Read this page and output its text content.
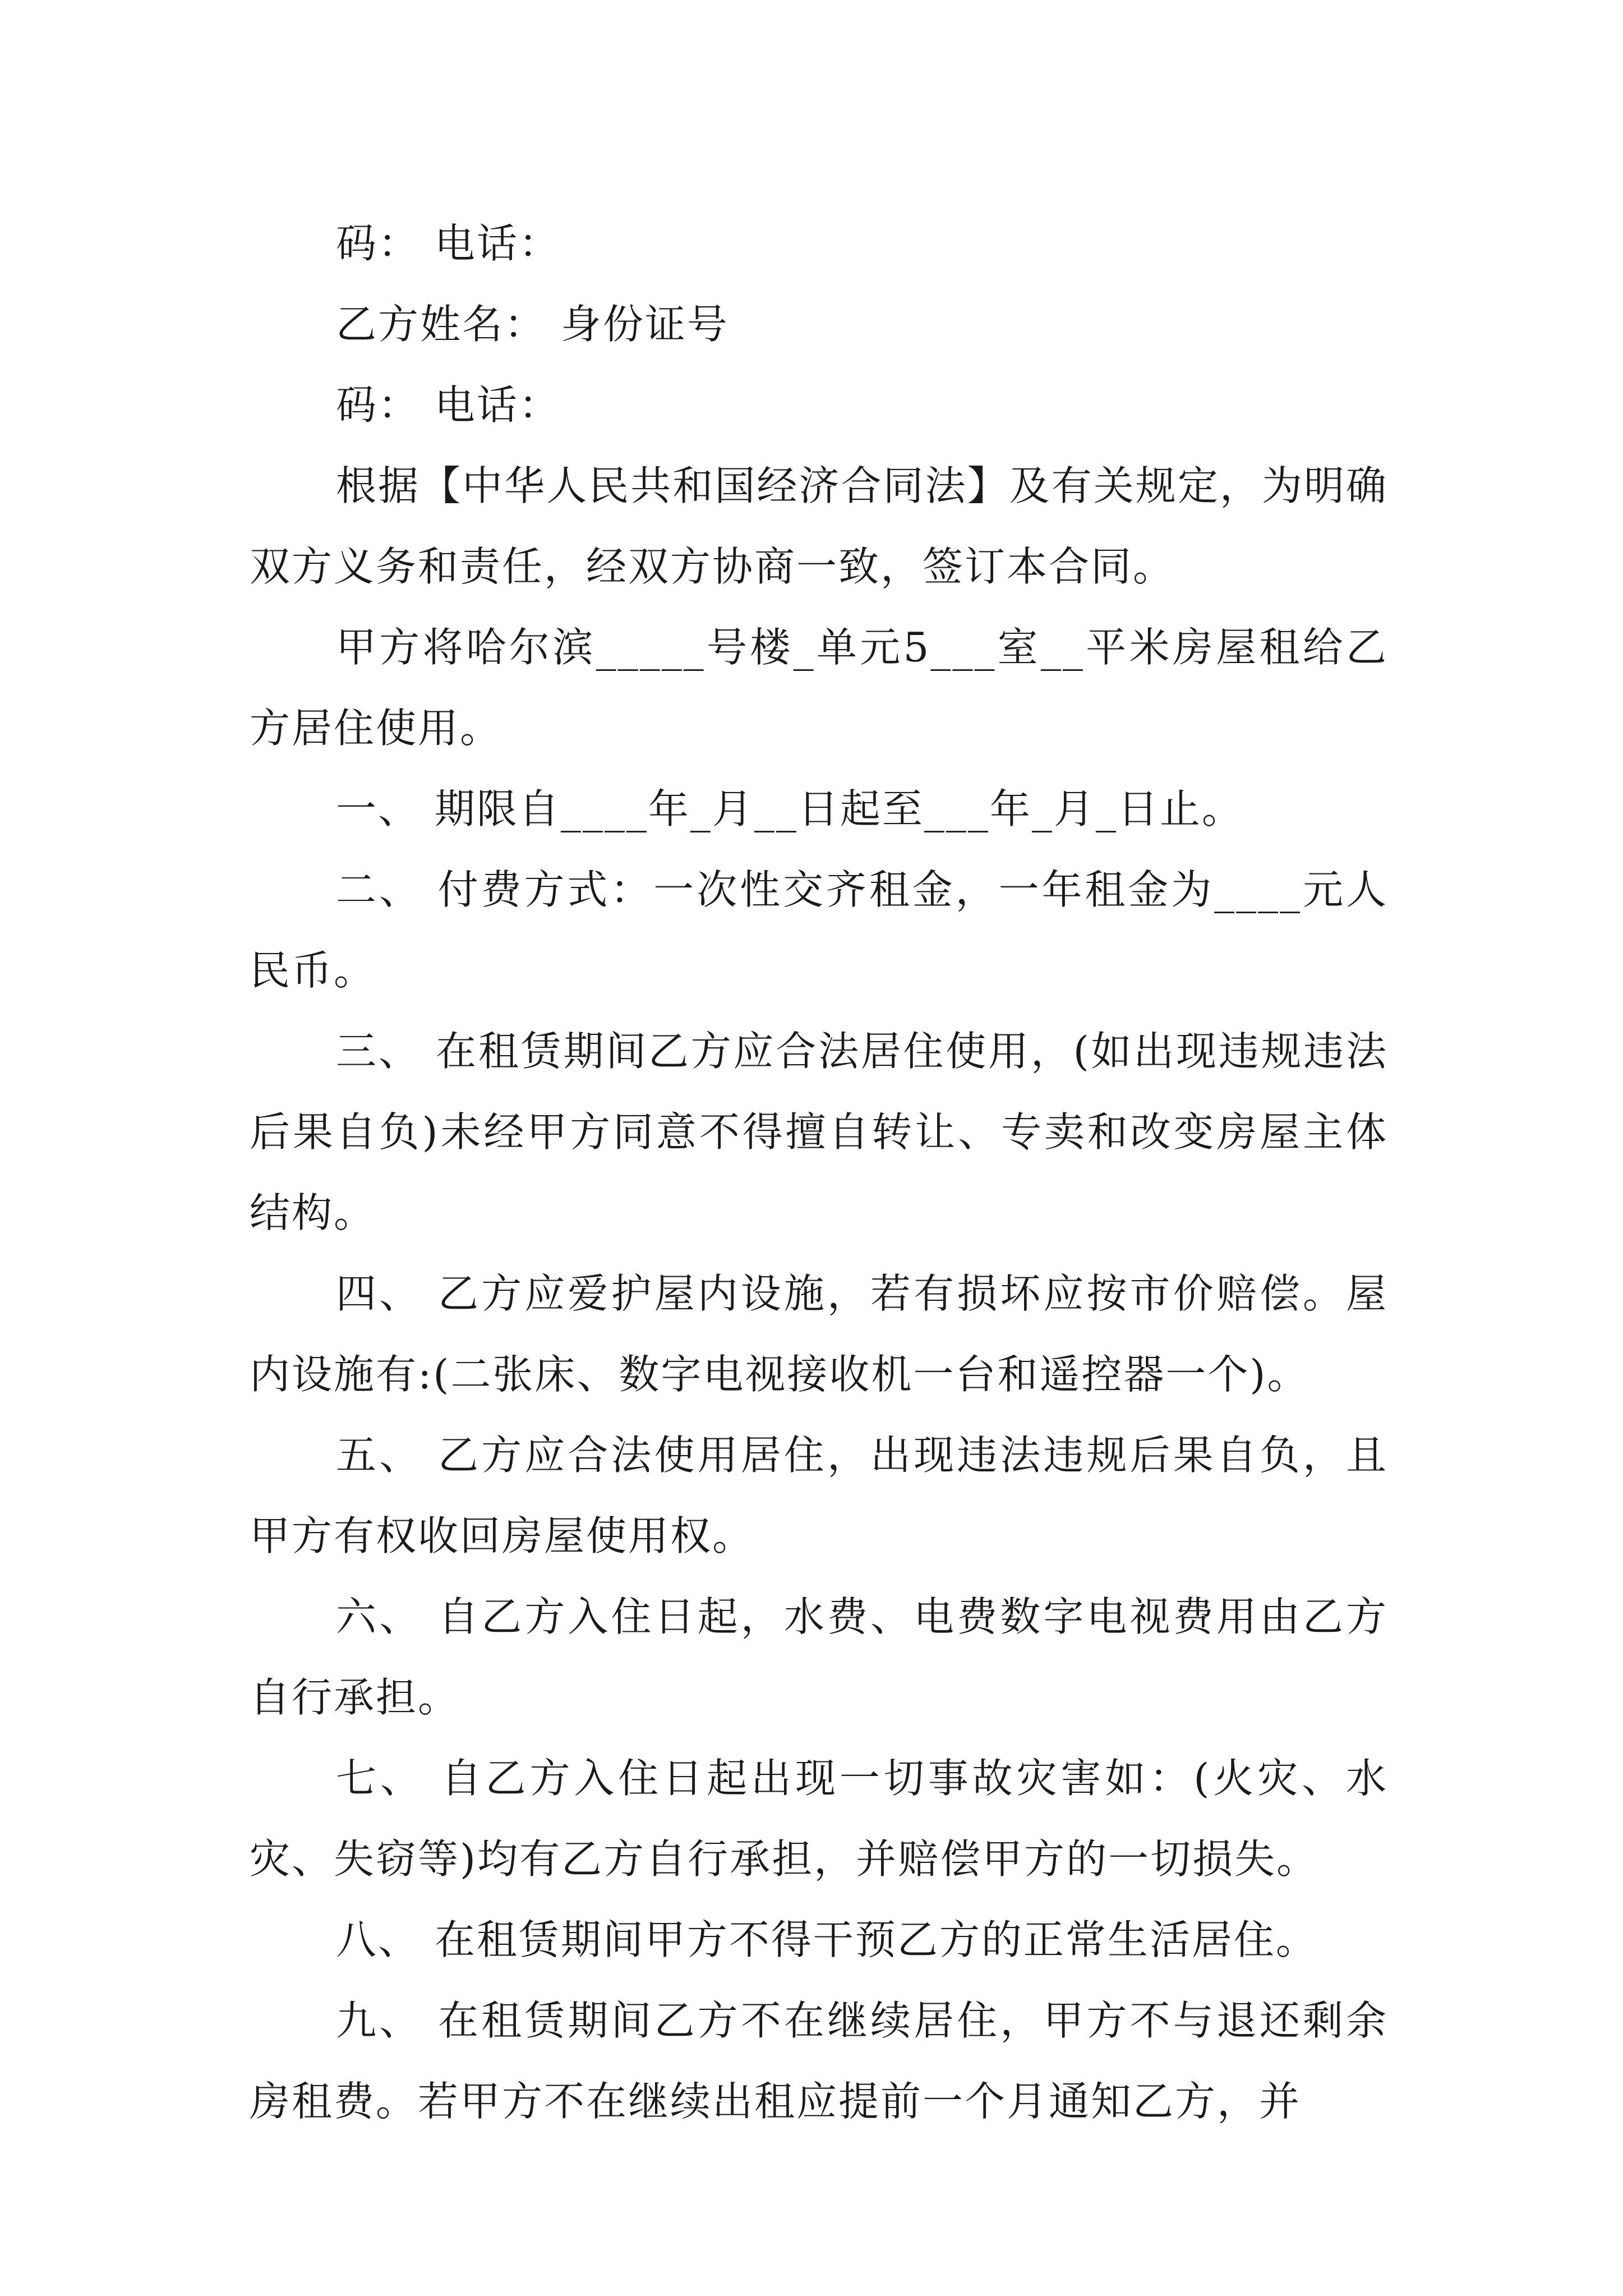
码： 电话：

乙方姓名： 身份证号

码： 电话：

根据【中华人民共和国经济合同法】及有关规定，为明确双方义务和责任，经双方协商一致，签订本合同。

甲方将哈尔滨_____号楼_单元5___室__平米房屋租给乙方居住使用。

一、 期限自____年_月__日起至___年_月_日止。

二、 付费方式：一次性交齐租金，一年租金为____元人民币。

三、 在租赁期间乙方应合法居住使用，(如出现违规违法后果自负)未经甲方同意不得擅自转让、专卖和改变房屋主体结构。

四、 乙方应爱护屋内设施，若有损坏应按市价赔偿。屋内设施有:(二张床、数字电视接收机一台和遥控器一个)。

五、 乙方应合法使用居住，出现违法违规后果自负，且甲方有权收回房屋使用权。

六、 自乙方入住日起，水费、电费数字电视费用由乙方自行承担。

七、 自乙方入住日起出现一切事故灾害如：(火灾、水灾、失窃等)均有乙方自行承担，并赔偿甲方的一切损失。

八、 在租赁期间甲方不得干预乙方的正常生活居住。

九、 在租赁期间乙方不在继续居住，甲方不与退还剩余房租费。若甲方不在继续出租应提前一个月通知乙方，并
